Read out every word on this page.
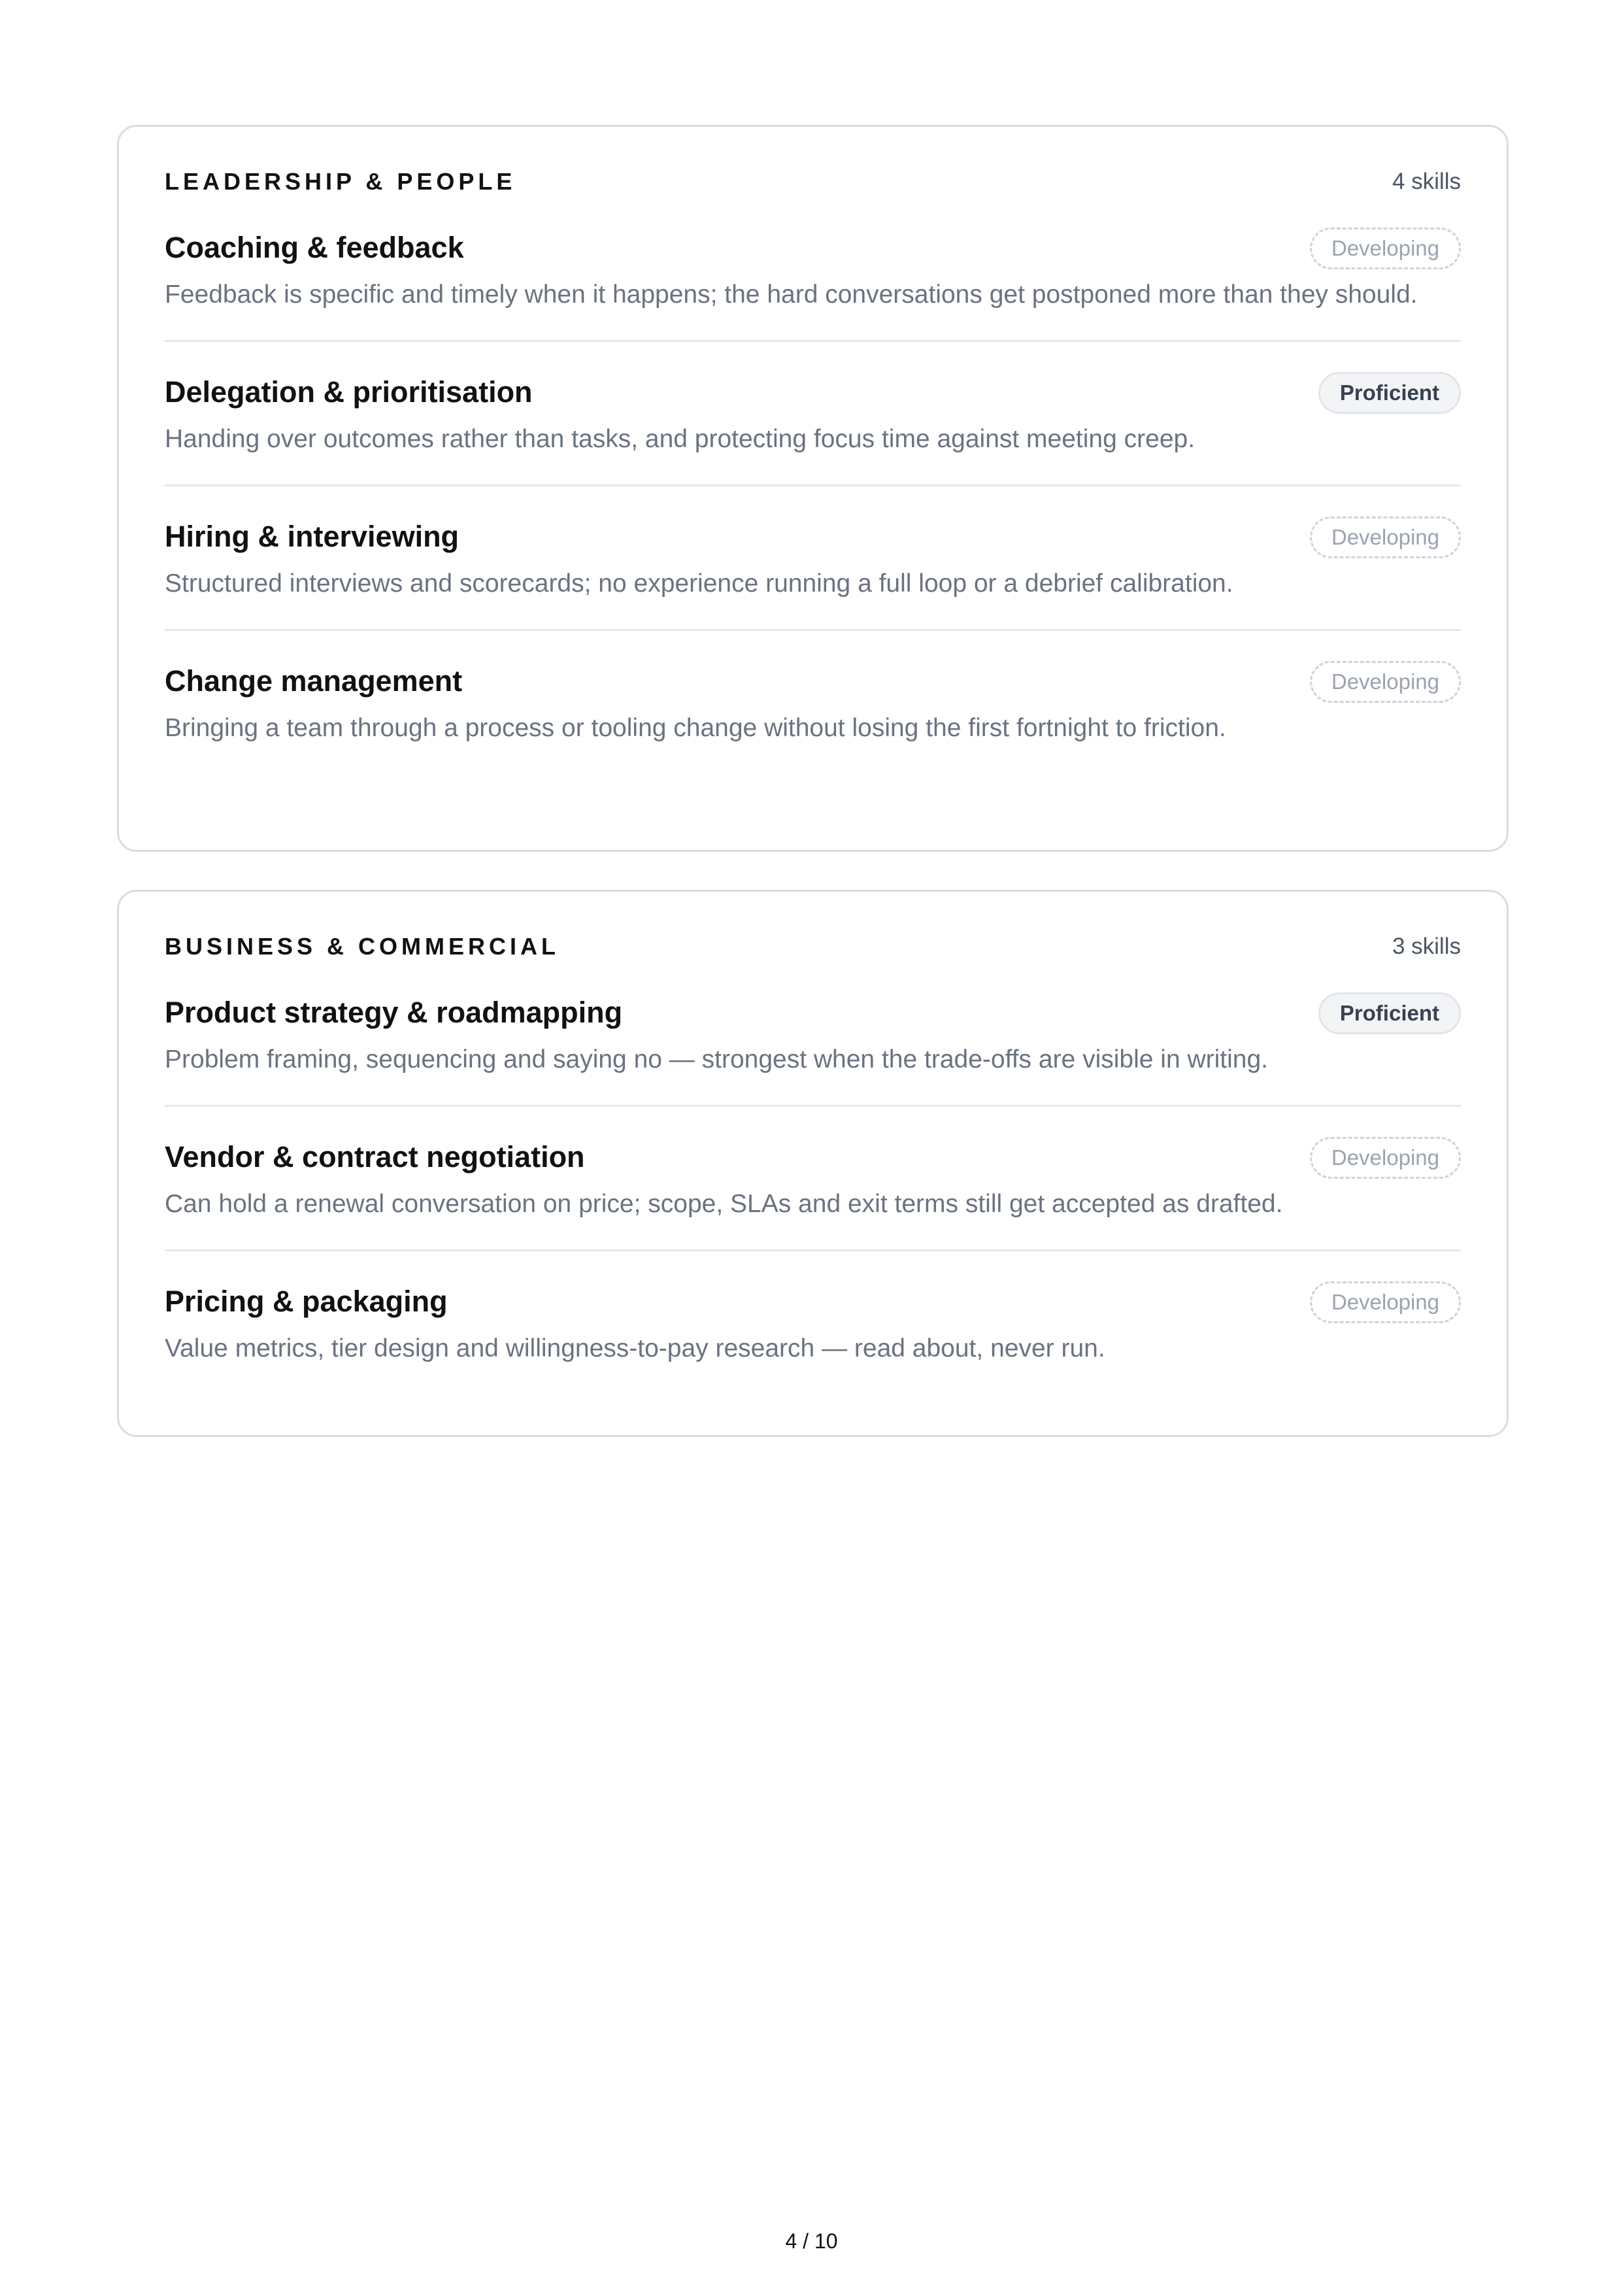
LEADERSHIP & PEOPLE	4 skills
Coaching & feedback	Developing
Feedback is specific and timely when it happens; the hard conversations get postponed more than they should.
Delegation & prioritisation	Proficient
Handing over outcomes rather than tasks, and protecting focus time against meeting creep.
Hiring & interviewing	Developing
Structured interviews and scorecards; no experience running a full loop or a debrief calibration.
Change management	Developing
Bringing a team through a process or tooling change without losing the first fortnight to friction.
BUSINESS & COMMERCIAL	3 skills
Product strategy & roadmapping	Proficient
Problem framing, sequencing and saying no — strongest when the trade-offs are visible in writing.
Vendor & contract negotiation	Developing
Can hold a renewal conversation on price; scope, SLAs and exit terms still get accepted as drafted.
Pricing & packaging	Developing
Value metrics, tier design and willingness-to-pay research — read about, never run.
4 / 10
